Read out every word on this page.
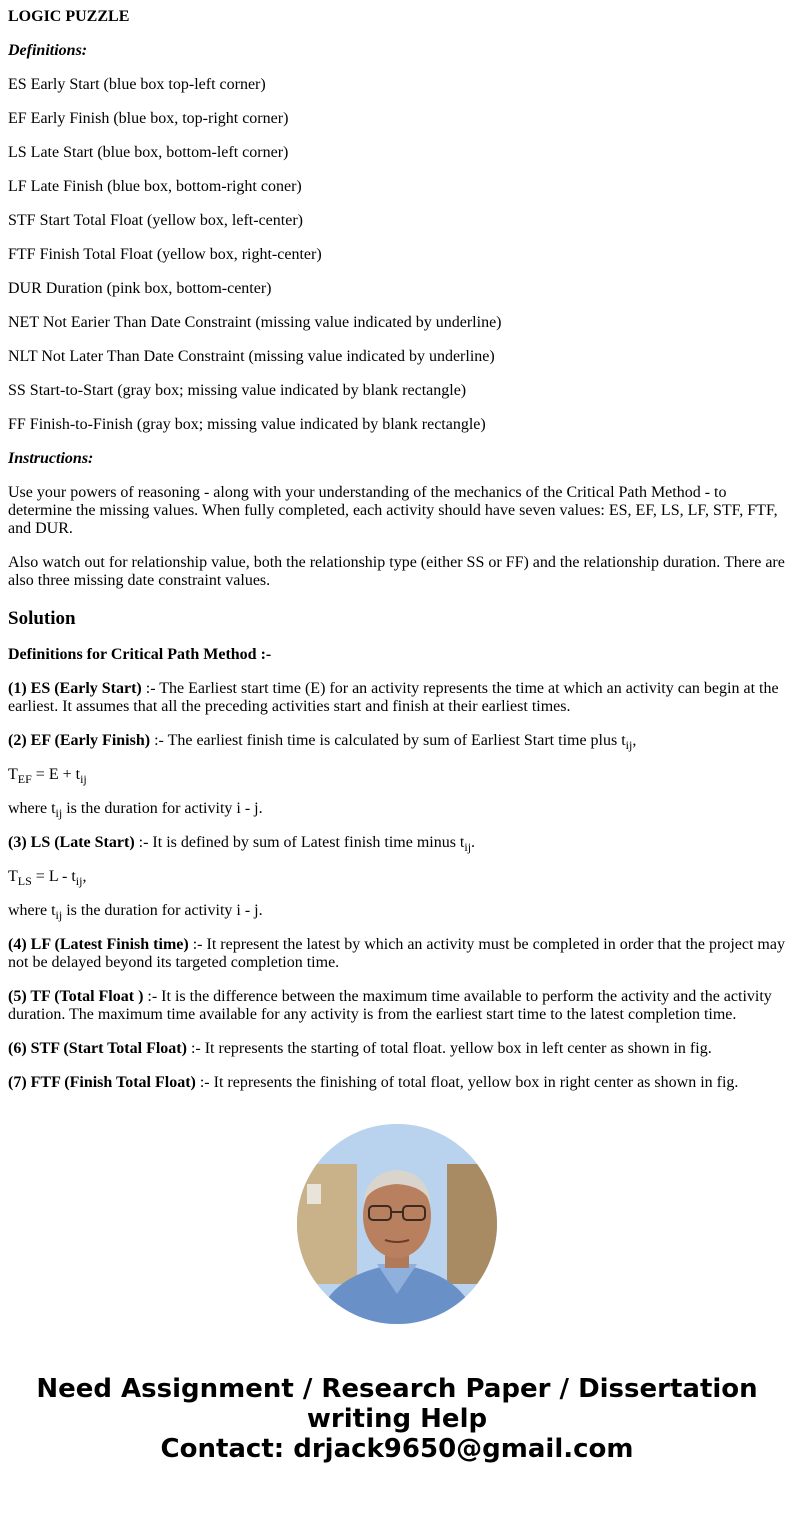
LOGIC PUZZLE

Definitions:

ES Early Start (blue box top-left corner)

EF Early Finish (blue box, top-right corner)

LS Late Start (blue box, bottom-left corner)

LF Late Finish (blue box, bottom-right coner)

STF Start Total Float (yellow box, left-center)

FTF Finish Total Float (yellow box, right-center)

DUR Duration (pink box, bottom-center)

NET Not Earier Than Date Constraint (missing value indicated by underline)

NLT Not Later Than Date Constraint (missing value indicated by underline)

SS Start-to-Start (gray box; missing value indicated by blank rectangle)

FF Finish-to-Finish (gray box; missing value indicated by blank rectangle)

Instructions:

Use your powers of reasoning - along with your understanding of the mechanics of the Critical Path Method - to determine the missing values. When fully completed, each activity should have seven values: ES, EF, LS, LF, STF, FTF, and DUR.

Also watch out for relationship value, both the relationship type (either SS or FF) and the relationship duration. There are also three missing date constraint values.

Solution

Definitions for Critical Path Method :-

(1) ES (Early Start) :- The Earliest start time (E) for an activity represents the time at which an activity can begin at the earliest. It assumes that all the preceding activities start and finish at their earliest times.

(2) EF (Early Finish) :- The earliest finish time is calculated by sum of Earliest Start time plus $t_{ij}$,

$T_{EF} = E + t_{ij}$

where $t_{ij}$ is the duration for activity i - j.

(3) LS (Late Start) :- It is defined by sum of Latest finish time minus $t_{ij}$.

$T_{LS} = L - t_{ij}$,

where $t_{ij}$ is the duration for activity i - j.

(4) LF (Latest Finish time) :- It represent the latest by which an activity must be completed in order that the project may not be delayed beyond its targeted completion time.

(5) TF (Total Float ) :- It is the difference between the maximum time available to perform the activity and the activity duration. The maximum time available for any activity is from the earliest start time to the latest completion time.

(6) STF (Start Total Float) :- It represents the starting of total float. yellow box in left center as shown in fig.

(7) FTF (Finish Total Float) :- It represents the finishing of total float, yellow box in right center as shown in fig.

Need Assignment / Research Paper / Dissertation
writing Help
Contact: drjack9650@gmail.com
